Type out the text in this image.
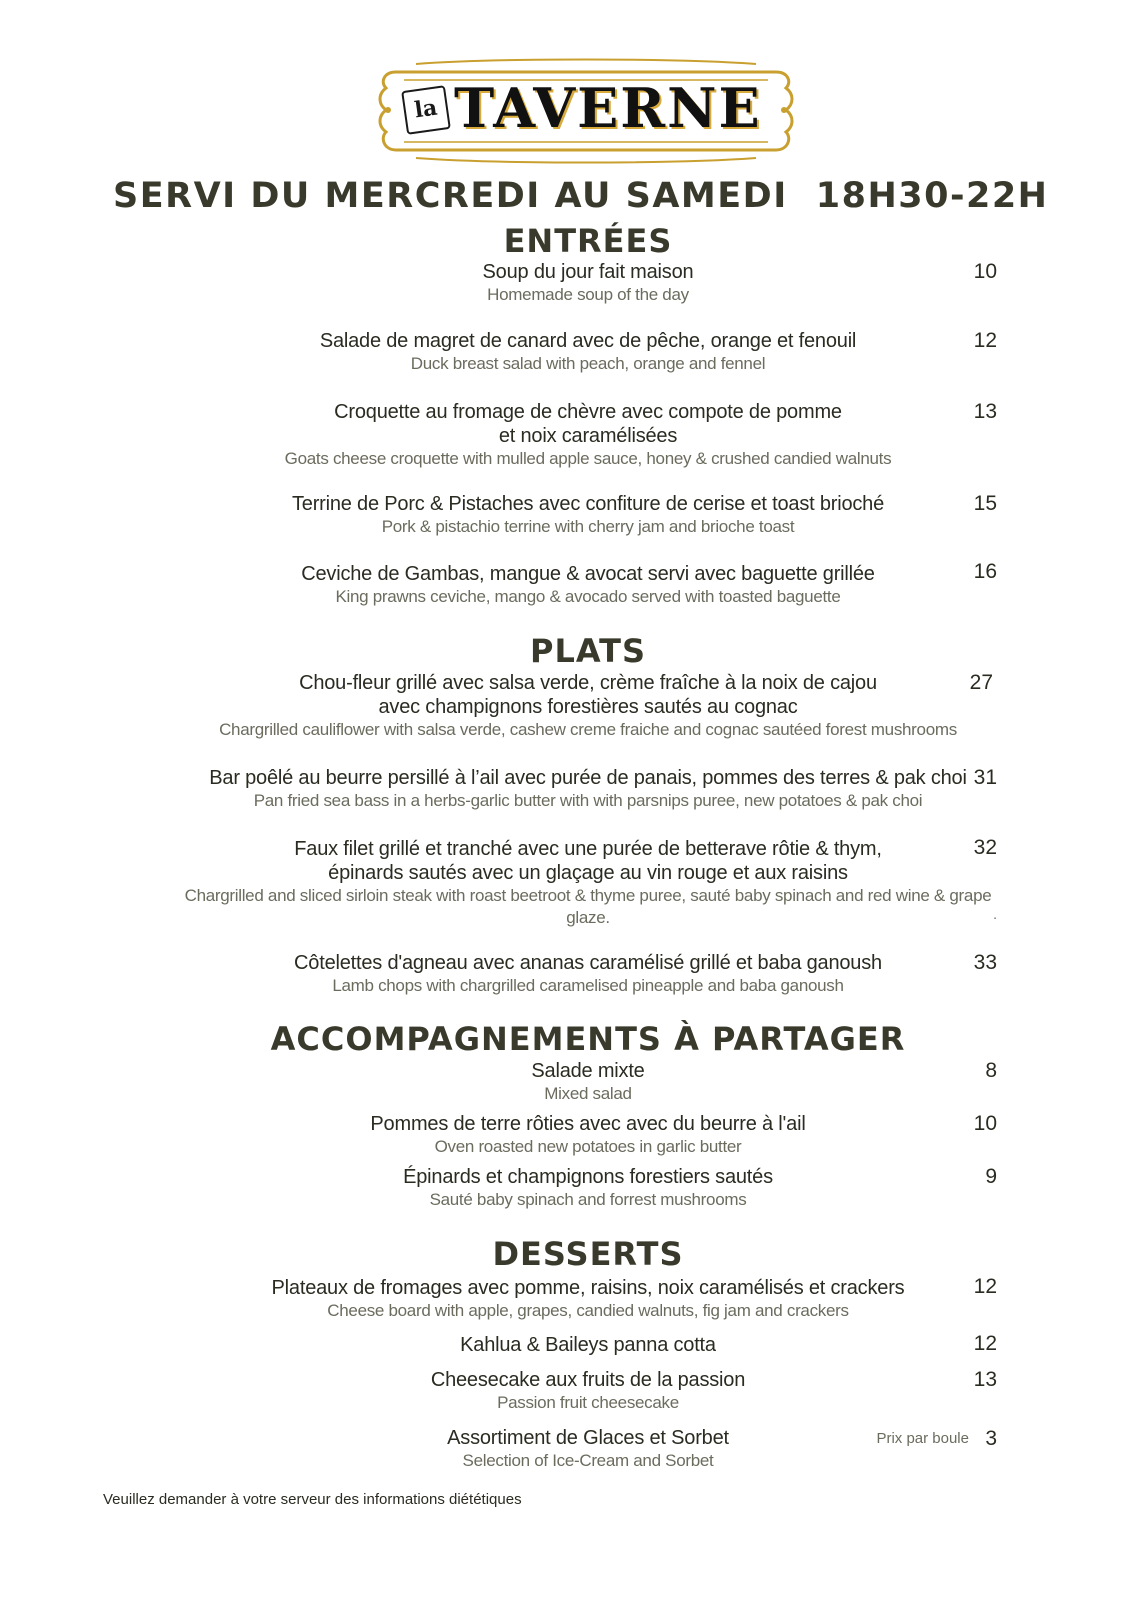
la TAVERNE
SERVI DU MERCREDI AU SAMEDI 18H30-22H
ENTRÉES
Soup du jour fait maison
Homemade soup of the day
10
Salade de magret de canard avec de pêche, orange et fenouil
Duck breast salad with peach, orange and fennel
12
Croquette au fromage de chèvre avec compote de pomme
et noix caramélisées
Goats cheese croquette with mulled apple sauce, honey & crushed candied walnuts
13
Terrine de Porc & Pistaches avec confiture de cerise et toast brioché
Pork & pistachio terrine with cherry jam and brioche toast
15
Ceviche de Gambas, mangue & avocat servi avec baguette grillée
King prawns ceviche, mango & avocado served with toasted baguette
16
PLATS
Chou-fleur grillé avec salsa verde, crème fraîche à la noix de cajou
avec champignons forestières sautés au cognac
Chargrilled cauliflower with salsa verde, cashew creme fraiche and cognac sautéed forest mushrooms
27
Bar poêlé au beurre persillé à l’ail avec purée de panais, pommes des terres & pak choi
Pan fried sea bass in a herbs-garlic butter with with parsnips puree, new potatoes & pak choi
31
Faux filet grillé et tranché avec une purée de betterave rôtie & thym,
épinards sautés avec un glaçage au vin rouge et aux raisins
Chargrilled and sliced sirloin steak with roast beetroot & thyme puree, sauté baby spinach and red wine & grape
glaze.
32
.
Côtelettes d'agneau avec ananas caramélisé grillé et baba ganoush
Lamb chops with chargrilled caramelised pineapple and baba ganoush
33
ACCOMPAGNEMENTS À PARTAGER
Salade mixte
Mixed salad
8
Pommes de terre rôties avec avec du beurre à l'ail
Oven roasted new potatoes in garlic butter
10
Épinards et champignons forestiers sautés
Sauté baby spinach and forrest mushrooms
9
DESSERTS
Plateaux de fromages avec pomme, raisins, noix caramélisés et crackers
Cheese board with apple, grapes, candied walnuts, fig jam and crackers
12
Kahlua & Baileys panna cotta	12
Cheesecake aux fruits de la passion
Passion fruit cheesecake
13
Assortiment de Glaces et Sorbet
Selection of Ice-Cream and Sorbet
Prix par boule 3
Veuillez demander à votre serveur des informations diététiques
